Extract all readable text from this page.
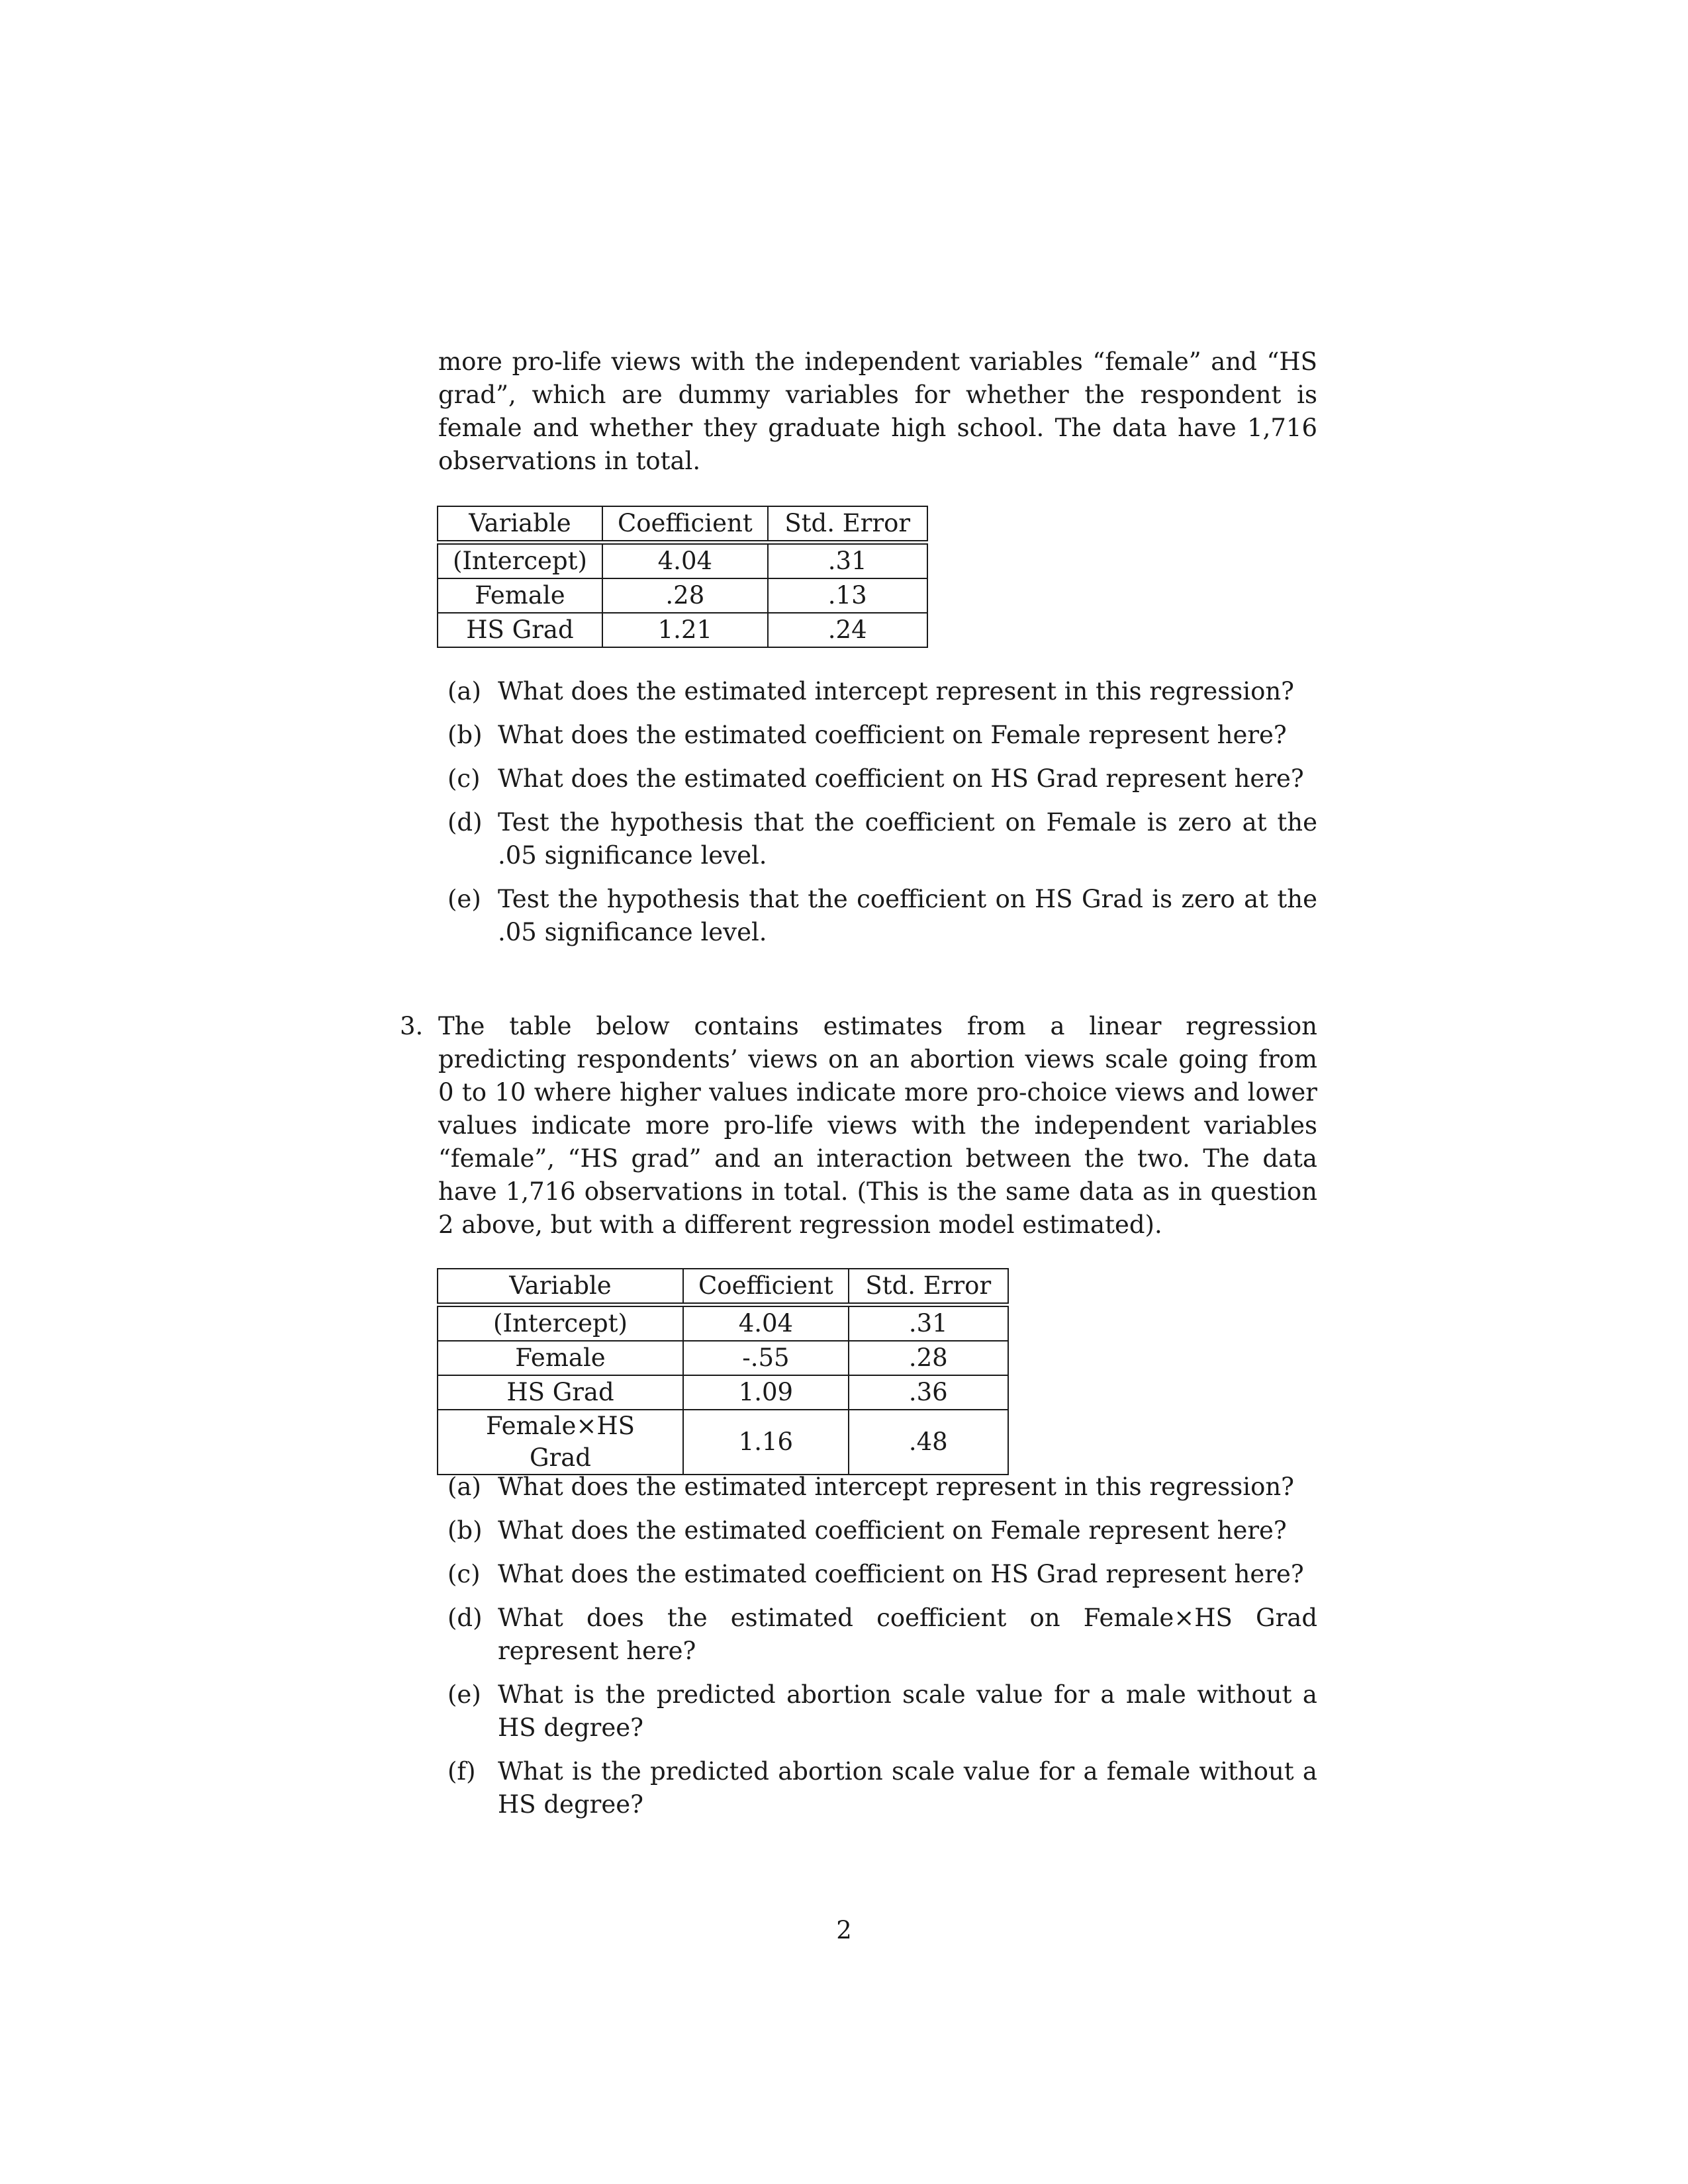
more pro-life views with the independent variables “female” and “HS grad”, which are dummy variables for whether the respondent is female and whether they graduate high school. The data have 1,716 observations in total.

Variable	Coefficient	Std. Error
(Intercept)	4.04	.31
Female	.28	.13
HS Grad	1.21	.24
(a) What does the estimated intercept represent in this regression?
(b) What does the estimated coefficient on Female represent here?
(c) What does the estimated coefficient on HS Grad represent here?
(d) Test the hypothesis that the coefficient on Female is zero at the .05 significance level.
(e) Test the hypothesis that the coefficient on HS Grad is zero at the .05 significance level.
3. The table below contains estimates from a linear regression predicting respondents’ views on an abortion views scale going from 0 to 10 where higher values indicate more pro-choice views and lower values indicate more pro-life views with the independent variables “female”, “HS grad” and an interaction between the two. The data have 1,716 observations in total. (This is the same data as in question 2 above, but with a different regression model estimated).

Variable	Coefficient	Std. Error
(Intercept)	4.04	.31
Female	-.55	.28
HS Grad	1.09	.36
Female×HS Grad	1.16	.48
(a) What does the estimated intercept represent in this regression?
(b) What does the estimated coefficient on Female represent here?
(c) What does the estimated coefficient on HS Grad represent here?
(d) What does the estimated coefficient on Female×HS Grad represent here?
(e) What is the predicted abortion scale value for a male without a HS degree?
(f) What is the predicted abortion scale value for a female without a HS degree?
2
